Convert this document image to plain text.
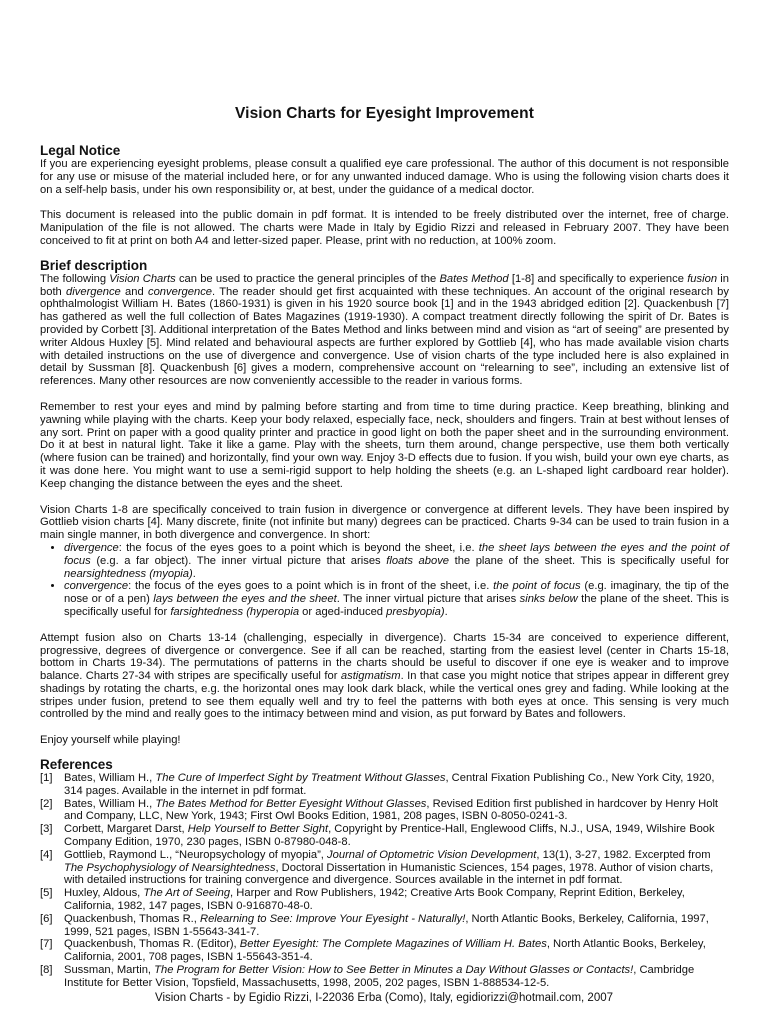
Vision Charts for Eyesight Improvement
Legal Notice

If you are experiencing eyesight problems, please consult a qualified eye care professional. The author of this document is not responsible for any use or misuse of the material included here, or for any unwanted induced damage. Who is using the following vision charts does it on a self-help basis, under his own responsibility or, at best, under the guidance of a medical doctor.

This document is released into the public domain in pdf format. It is intended to be freely distributed over the internet, free of charge. Manipulation of the file is not allowed. The charts were Made in Italy by Egidio Rizzi and released in February 2007. They have been conceived to fit at print on both A4 and letter-sized paper. Please, print with no reduction, at 100% zoom.

Brief description

The following Vision Charts can be used to practice the general principles of the Bates Method [1-8] and specifically to experience fusion in both divergence and convergence. The reader should get first acquainted with these techniques. An account of the original research by ophthalmologist William H. Bates (1860-1931) is given in his 1920 source book [1] and in the 1943 abridged edition [2]. Quackenbush [7] has gathered as well the full collection of Bates Magazines (1919-1930). A compact treatment directly following the spirit of Dr. Bates is provided by Corbett [3]. Additional interpretation of the Bates Method and links between mind and vision as “art of seeing” are presented by writer Aldous Huxley [5]. Mind related and behavioural aspects are further explored by Gottlieb [4], who has made available vision charts with detailed instructions on the use of divergence and convergence. Use of vision charts of the type included here is also explained in detail by Sussman [8]. Quackenbush [6] gives a modern, comprehensive account on “relearning to see”, including an extensive list of references. Many other resources are now conveniently accessible to the reader in various forms.

Remember to rest your eyes and mind by palming before starting and from time to time during practice. Keep breathing, blinking and yawning while playing with the charts. Keep your body relaxed, especially face, neck, shoulders and fingers. Train at best without lenses of any sort. Print on paper with a good quality printer and practice in good light on both the paper sheet and in the surrounding environment. Do it at best in natural light. Take it like a game. Play with the sheets, turn them around, change perspective, use them both vertically (where fusion can be trained) and horizontally, find your own way. Enjoy 3-D effects due to fusion. If you wish, build your own eye charts, as it was done here. You might want to use a semi-rigid support to help holding the sheets (e.g. an L-shaped light cardboard rear holder). Keep changing the distance between the eyes and the sheet.

Vision Charts 1-8 are specifically conceived to train fusion in divergence or convergence at different levels. They have been inspired by Gottlieb vision charts [4]. Many discrete, finite (not infinite but many) degrees can be practiced. Charts 9-34 can be used to train fusion in a main single manner, in both divergence and convergence. In short:

• divergence: the focus of the eyes goes to a point which is beyond the sheet, i.e. the sheet lays between the eyes and the point of focus (e.g. a far object). The inner virtual picture that arises floats above the plane of the sheet. This is specifically useful for nearsightedness (myopia).
• convergence: the focus of the eyes goes to a point which is in front of the sheet, i.e. the point of focus (e.g. imaginary, the tip of the nose or of a pen) lays between the eyes and the sheet. The inner virtual picture that arises sinks below the plane of the sheet. This is specifically useful for farsightedness (hyperopia or aged-induced presbyopia).

Attempt fusion also on Charts 13-14 (challenging, especially in divergence). Charts 15-34 are conceived to experience different, progressive, degrees of divergence or convergence. See if all can be reached, starting from the easiest level (center in Charts 15-18, bottom in Charts 19-34). The permutations of patterns in the charts should be useful to discover if one eye is weaker and to improve balance. Charts 27-34 with stripes are specifically useful for astigmatism. In that case you might notice that stripes appear in different grey shadings by rotating the charts, e.g. the horizontal ones may look dark black, while the vertical ones grey and fading. While looking at the stripes under fusion, pretend to see them equally well and try to feel the patterns with both eyes at once. This sensing is very much controlled by the mind and really goes to the intimacy between mind and vision, as put forward by Bates and followers.

Enjoy yourself while playing!

References
[1]	Bates, William H., The Cure of Imperfect Sight by Treatment Without Glasses, Central Fixation Publishing Co., New York City, 1920, 314 pages. Available in the internet in pdf format.
[2]	Bates, William H., The Bates Method for Better Eyesight Without Glasses, Revised Edition first published in hardcover by Henry Holt and Company, LLC, New York, 1943; First Owl Books Edition, 1981, 208 pages, ISBN 0-8050-0241-3.
[3]	Corbett, Margaret Darst, Help Yourself to Better Sight, Copyright by Prentice-Hall, Englewood Cliffs, N.J., USA, 1949, Wilshire Book Company Edition, 1970, 230 pages, ISBN 0-87980-048-8.
[4]	Gottlieb, Raymond L., “Neuropsychology of myopia”, Journal of Optometric Vision Development, 13(1), 3-27, 1982. Excerpted from The Psychophysiology of Nearsightedness, Doctoral Dissertation in Humanistic Sciences, 154 pages, 1978. Author of vision charts, with detailed instructions for training convergence and divergence. Sources available in the internet in pdf format.
[5]	Huxley, Aldous, The Art of Seeing, Harper and Row Publishers, 1942; Creative Arts Book Company, Reprint Edition, Berkeley, California, 1982, 147 pages, ISBN 0-916870-48-0.
[6]	Quackenbush, Thomas R., Relearning to See: Improve Your Eyesight - Naturally!, North Atlantic Books, Berkeley, California, 1997, 1999, 521 pages, ISBN 1-55643-341-7.
[7]	Quackenbush, Thomas R. (Editor), Better Eyesight: The Complete Magazines of William H. Bates, North Atlantic Books, Berkeley, California, 2001, 708 pages, ISBN 1-55643-351-4.
[8]	Sussman, Martin, The Program for Better Vision: How to See Better in Minutes a Day Without Glasses or Contacts!, Cambridge Institute for Better Vision, Topsfield, Massachusetts, 1998, 2005, 202 pages, ISBN 1-888534-12-5.
Vision Charts - by Egidio Rizzi, I-22036 Erba (Como), Italy, egidiorizzi@hotmail.com, 2007
